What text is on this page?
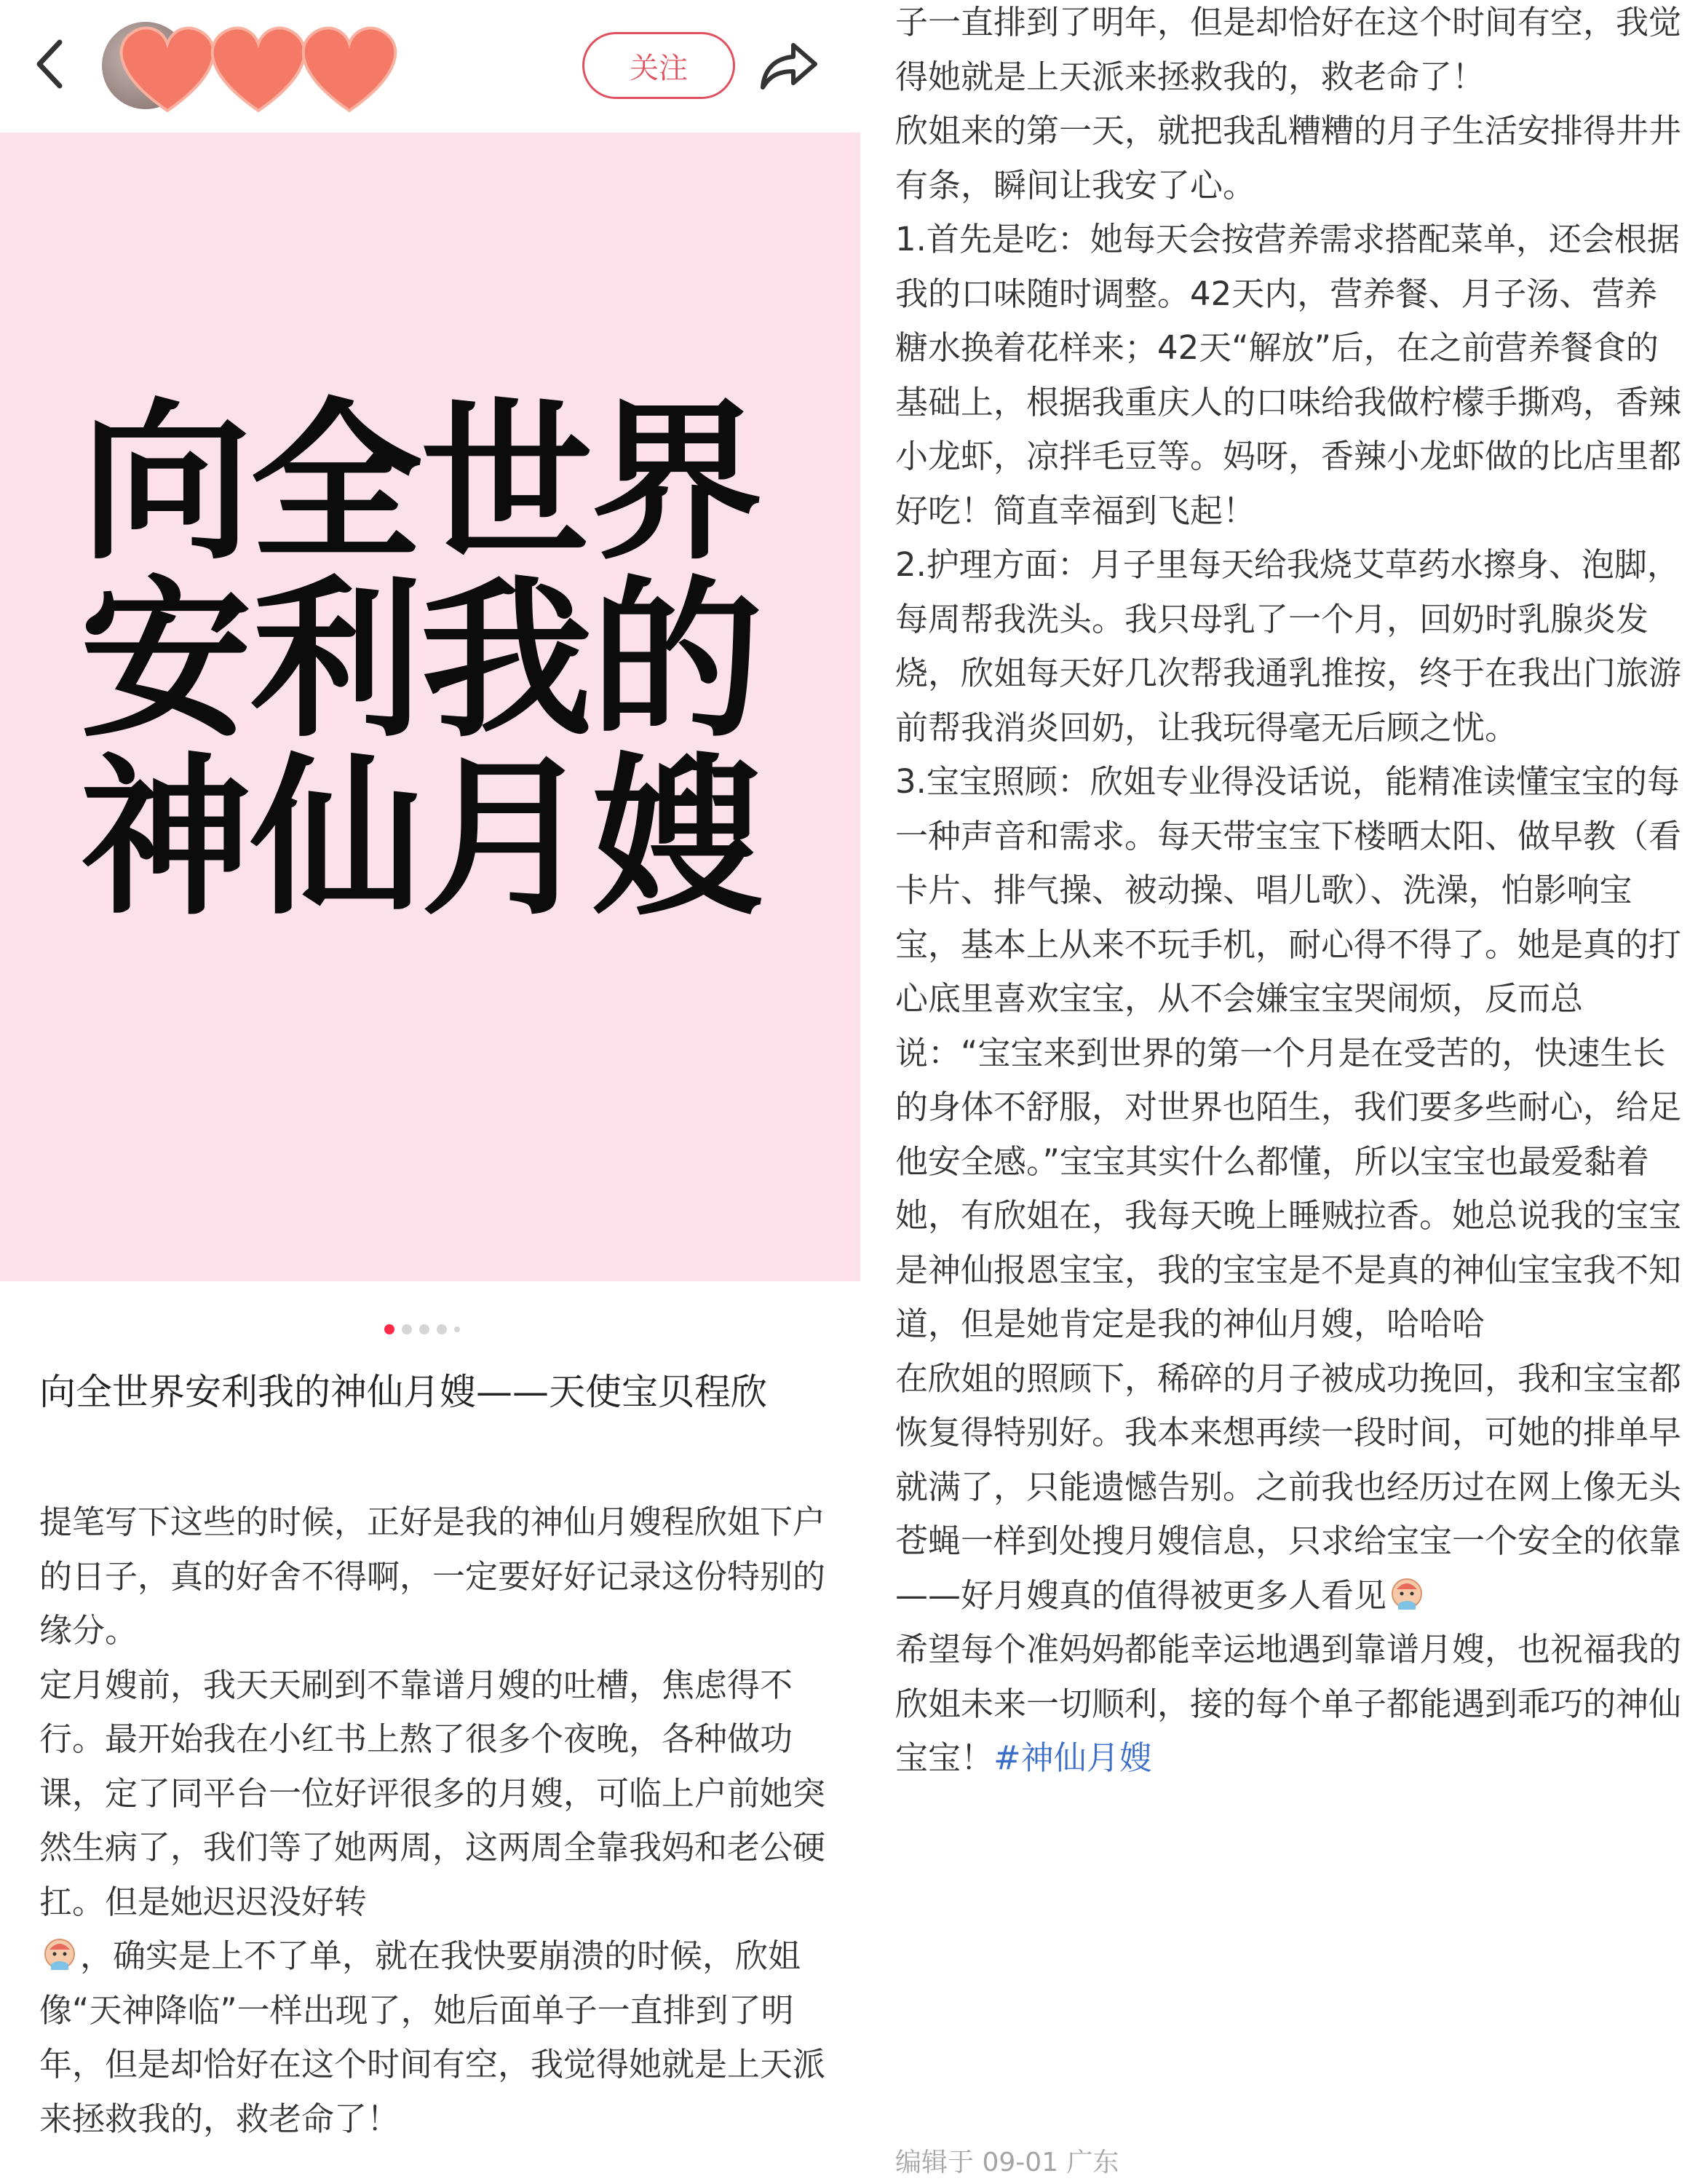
关注
向全世界
安利我的
神仙月嫂
向全世界安利我的神仙月嫂——天使宝贝程欣

提笔写下这些的时候，正好是我的神仙月嫂程欣姐下户的日子，真的好舍不得啊，一定要好好记录这份特别的缘分。

定月嫂前，我天天刷到不靠谱月嫂的吐槽，焦虑得不行。最开始我在小红书上熬了很多个夜晚，各种做功课，定了同平台一位好评很多的月嫂，可临上户前她突然生病了，我们等了她两周，这两周全靠我妈和老公硬扛。但是她迟迟没好转
，确实是上不了单，就在我快要崩溃的时候，欣姐像“天神降临”一样出现了，她后面单子一直排到了明年，但是却恰好在这个时间有空，我觉得她就是上天派来拯救我的，救老命了！

子一直排到了明年，但是却恰好在这个时间有空，我觉得她就是上天派来拯救我的，救老命了！

欣姐来的第一天，就把我乱糟糟的月子生活安排得井井有条，瞬间让我安了心。

1.首先是吃：她每天会按营养需求搭配菜单，还会根据我的口味随时调整。42天内，营养餐、月子汤、营养糖水换着花样来；42天“解放”后，在之前营养餐食的基础上，根据我重庆人的口味给我做柠檬手撕鸡，香辣小龙虾，凉拌毛豆等。妈呀，香辣小龙虾做的比店里都好吃！简直幸福到飞起！

2.护理方面：月子里每天给我烧艾草药水擦身、泡脚，每周帮我洗头。我只母乳了一个月，回奶时乳腺炎发烧，欣姐每天好几次帮我通乳推按，终于在我出门旅游前帮我消炎回奶，让我玩得毫无后顾之忧。

3.宝宝照顾：欣姐专业得没话说，能精准读懂宝宝的每一种声音和需求。每天带宝宝下楼晒太阳、做早教（看卡片、排气操、被动操、唱儿歌）、洗澡，怕影响宝宝，基本上从来不玩手机，耐心得不得了。她是真的打心底里喜欢宝宝，从不会嫌宝宝哭闹烦，反而总说：“宝宝来到世界的第一个月是在受苦的，快速生长的身体不舒服，对世界也陌生，我们要多些耐心，给足他安全感。”宝宝其实什么都懂，所以宝宝也最爱黏着她，有欣姐在，我每天晚上睡贼拉香。她总说我的宝宝是神仙报恩宝宝，我的宝宝是不是真的神仙宝宝我不知道，但是她肯定是我的神仙月嫂，哈哈哈

在欣姐的照顾下，稀碎的月子被成功挽回，我和宝宝都恢复得特别好。我本来想再续一段时间，可她的排单早就满了，只能遗憾告别。之前我也经历过在网上像无头苍蝇一样到处搜月嫂信息，只求给宝宝一个安全的依靠——好月嫂真的值得被更多人看见

希望每个准妈妈都能幸运地遇到靠谱月嫂，也祝福我的欣姐未来一切顺利，接的每个单子都能遇到乖巧的神仙宝宝！#神仙月嫂

编辑于 09-01 广东
